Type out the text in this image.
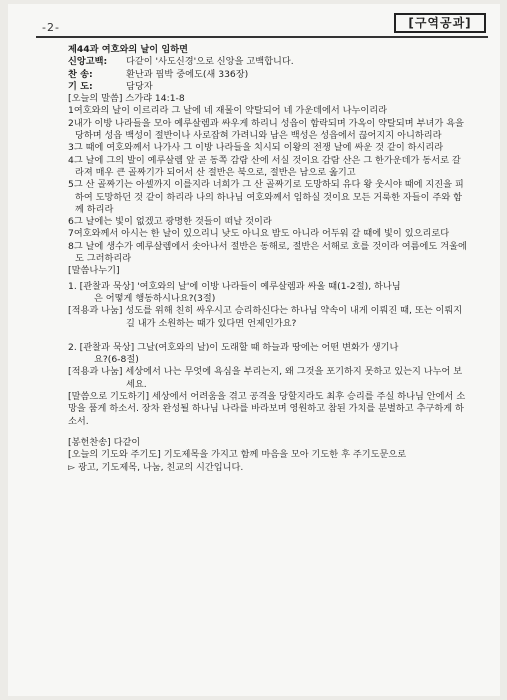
-2-	[구역공과]

제44과 여호와의 날이 임하면

신앙고백:	다같이 '사도신경'으로 신앙을 고백합니다.
찬 송:	환난과 핍박 중에도(새 336장)
기 도:	담당자

[오늘의 말씀] 스가랴 14:1-8

1여호와의 날이 이르리라 그 날에 네 재물이 약탈되어 네 가운데에서 나누이리라

2내가 이방 나라들을 모아 예루살렘과 싸우게 하리니 성읍이 함락되며 가옥이 약탈되며 부녀가 욕을 당하며 성읍 백성이 절반이나 사로잡혀 가려니와 남은 백성은 성읍에서 끊어지지 아니하리라

3그 때에 여호와께서 나가사 그 이방 나라들을 치시되 이왕의 전쟁 날에 싸운 것 같이 하시리라

4그 날에 그의 발이 예루살렘 앞 곧 동쪽 감람 산에 서실 것이요 감람 산은 그 한가운데가 동서로 갈라져 매우 큰 골짜기가 되어서 산 절반은 북으로, 절반은 남으로 옮기고

5그 산 골짜기는 아셀까지 이를지라 너희가 그 산 골짜기로 도망하되 유다 왕 웃시야 때에 지진을 피하여 도망하던 것 같이 하리라 나의 하나님 여호와께서 임하실 것이요 모든 거룩한 자들이 주와 함께 하리라

6그 날에는 빛이 없겠고 광명한 것들이 떠날 것이라

7여호와께서 아시는 한 날이 있으리니 낮도 아니요 밤도 아니라 어두워 갈 때에 빛이 있으리로다

8그 날에 생수가 예루살렘에서 솟아나서 절반은 동해로, 절반은 서해로 흐를 것이라 여름에도 겨울에도 그러하리라

[말씀나누기]

1. [관찰과 묵상] '여호와의 날'에 이방 나라들이 예루살렘과 싸울 때(1-2절), 하나님

은 어떻게 행동하시나요?(3절)

[적용과 나눔] 성도를 위해 친히 싸우시고 승리하신다는 하나님 약속이 내게 이뤄진 때, 또는 이뤄지길 내가 소원하는 때가 있다면 언제인가요?

2. [관찰과 묵상] 그날(여호와의 날)이 도래할 때 하늘과 땅에는 어떤 변화가 생기나

요?(6-8절)

[적용과 나눔] 세상에서 나는 무엇에 욕심을 부리는지, 왜 그것을 포기하지 못하고 있는지 나누어 보세요.

[말씀으로 기도하기] 세상에서 어려움을 겪고 공격을 당할지라도 최후 승리를 주실 하나님 안에서 소망을 품게 하소서. 장차 완성될 하나님 나라를 바라보며 영원하고 참된 가치를 분별하고 추구하게 하소서.

[봉헌찬송] 다같이

[오늘의 기도와 주기도] 기도제목을 가지고 함께 마음을 모아 기도한 후 주기도문으로

▻ 광고, 기도제목, 나눔, 친교의 시간입니다.
